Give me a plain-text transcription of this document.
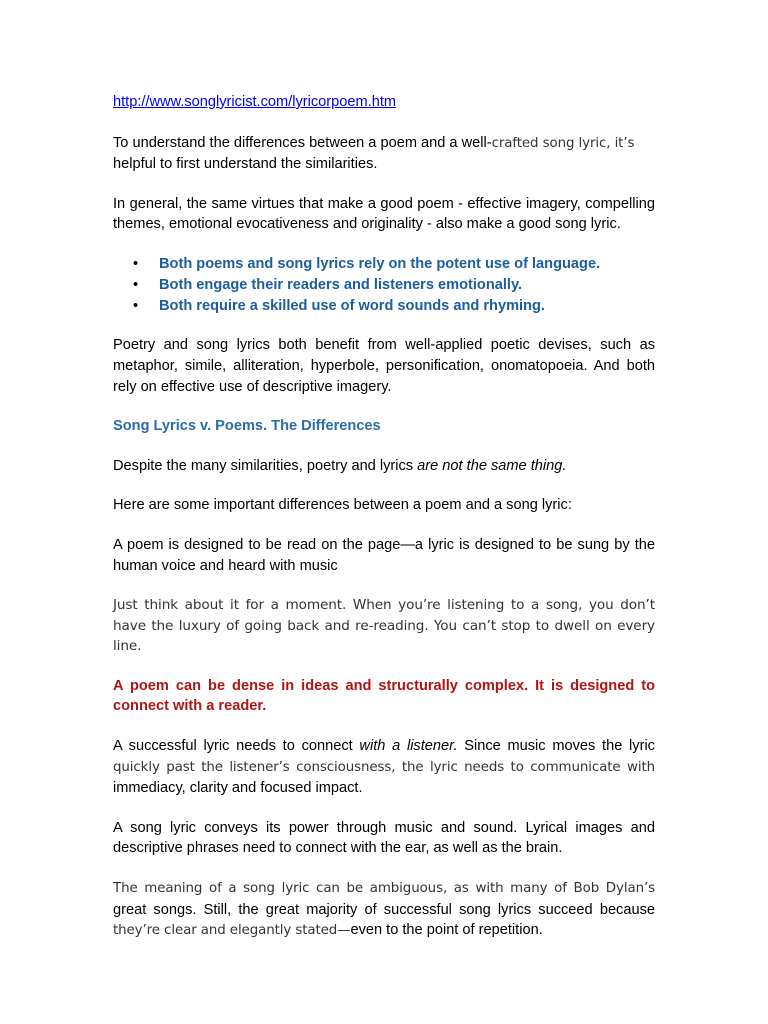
http://www.songlyricist.com/lyricorpoem.htm

To understand the differences between a poem and a well-crafted song lyric, it’s
helpful to first understand the similarities.

In general, the same virtues that make a good poem - effective imagery, compelling themes, emotional evocativeness and originality - also make a good song lyric.

• Both poems and song lyrics rely on the potent use of language.
• Both engage their readers and listeners emotionally.
• Both require a skilled use of word sounds and rhyming.

Poetry and song lyrics both benefit from well-applied poetic devises, such as metaphor, simile, alliteration, hyperbole, personification, onomatopoeia. And both rely on effective use of descriptive imagery.

Song Lyrics v. Poems. The Differences

Despite the many similarities, poetry and lyrics are not the same thing.

Here are some important differences between a poem and a song lyric:

A poem is designed to be read on the page—a lyric is designed to be sung by the human voice and heard with music

Just think about it for a moment. When you’re listening to a song, you don’t have the luxury of going back and re-reading. You can’t stop to dwell on every line.

A poem can be dense in ideas and structurally complex. It is designed to connect with a reader.

A successful lyric needs to connect with a listener. Since music moves the lyric quickly past the listener’s consciousness, the lyric needs to communicate with immediacy, clarity and focused impact.

A song lyric conveys its power through music and sound. Lyrical images and descriptive phrases need to connect with the ear, as well as the brain.

The meaning of a song lyric can be ambiguous, as with many of Bob Dylan’s great songs. Still, the great majority of successful song lyrics succeed because they’re clear and elegantly stated—even to the point of repetition.
